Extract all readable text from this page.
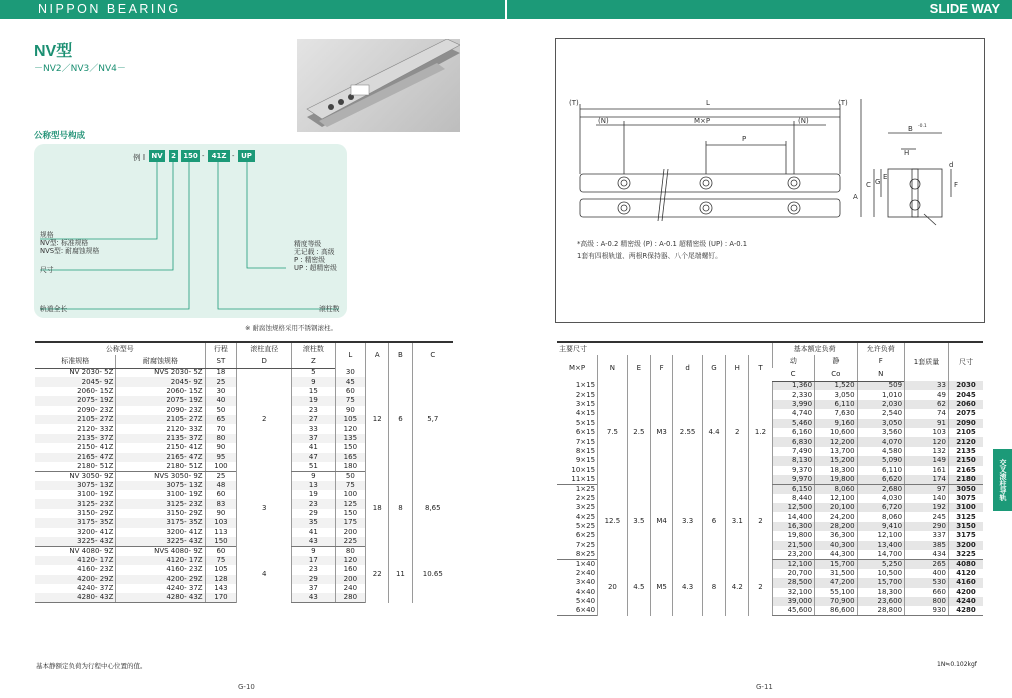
NIPPON BEARING	SLIDE WAY
NV型
－NV2／NV3／NV4－
公称型号构成
例 I NV	2	150 -	41Z - UP
规格
NV型: 标准规格
NVS型: 耐腐蚀规格
尺寸
轨道全长
精度等级
无记载 : 高级
P : 精密级
UP : 超精密级
滚柱数
※ 耐腐蚀规格采用不锈钢滚柱。
公称型号		行程	滚柱直径	滚柱数	L	A	B	C
标准规格	耐腐蚀规格	ST	D	Z				
NV 2030- 5Z	NVS 2030- 5Z	18	2	5	30	12	6	5,7
2045- 9Z	2045- 9Z	25		9	45			
2060- 15Z	2060- 15Z	30		15	60			
2075- 19Z	2075- 19Z	40		19	75			
2090- 23Z	2090- 23Z	50		23	90			
2105- 27Z	2105- 27Z	65		27	105			
2120- 33Z	2120- 33Z	70		33	120			
2135- 37Z	2135- 37Z	80		37	135			
2150- 41Z	2150- 41Z	90		41	150			
2165- 47Z	2165- 47Z	95		47	165			
2180- 51Z	2180- 51Z	100		51	180			
NV 3050- 9Z	NVS 3050- 9Z	25	3	9	50	18	8	8,65
3075- 13Z	3075- 13Z	48		13	75			
3100- 19Z	3100- 19Z	60		19	100			
3125- 23Z	3125- 23Z	83		23	125			
3150- 29Z	3150- 29Z	90		29	150			
3175- 35Z	3175- 35Z	103		35	175			
3200- 41Z	3200- 41Z	113		41	200			
3225- 43Z	3225- 43Z	150		43	225			
NV 4080- 9Z	NVS 4080- 9Z	60	4	9	80	22	11	10.65
4120- 17Z	4120- 17Z	75		17	120			
4160- 23Z	4160- 23Z	105		23	160			
4200- 29Z	4200- 29Z	128		29	200			
4240- 37Z	4240- 37Z	143		37	240			
4280- 43Z	4280- 43Z	170		43	280			
基本静额定负荷为行程中心位置的值。
G-10
(T)	(T)
L
(N)	(N)
M×P
P
B -0.1
H
C G
E
d
F
A
*高级 : A-0.2 精密级 (P) : A-0.1 超精密级 (UP) : A-0.1
1套有四根轨道、两根R保持器、八个尾端螺钉。
主要尺寸								基本额定负荷		允许负荷	1套质量	尺寸
M×P	N	E	F	d	G	H	T	动	静	F		
								C	Co	N		
1×15	7.5	2.5	M3	2.55	4.4	2	1.2	1,360	1,520	509	33	2030
2×15								2,330	3,050	1,010	49	2045
3×15								3,990	6,110	2,030	62	2060
4×15								4,740	7,630	2,540	74	2075
5×15								5,460	9,160	3,050	91	2090
6×15								6,160	10,600	3,560	103	2105
7×15								6,830	12,200	4,070	120	2120
8×15								7,490	13,700	4,580	132	2135
9×15								8,130	15,200	5,090	149	2150
10×15								9,370	18,300	6,110	161	2165
11×15								9,970	19,800	6,620	174	2180
1×25	12.5	3.5	M4	3.3	6	3.1	2	6,150	8,060	2,680	97	3050
2×25								8,440	12,100	4,030	140	3075
3×25								12,500	20,100	6,720	192	3100
4×25								14,400	24,200	8,060	245	3125
5×25								16,300	28,200	9,410	290	3150
6×25								19,800	36,300	12,100	337	3175
7×25								21,500	40,300	13,400	385	3200
8×25								23,200	44,300	14,700	434	3225
1×40	20	4.5	M5	4.3	8	4.2	2	12,100	15,700	5,250	265	4080
2×40								20,700	31,500	10,500	400	4120
3×40								28,500	47,200	15,700	530	4160
4×40								32,100	55,100	18,300	660	4200
5×40								39,000	70,900	23,600	800	4240
6×40								45,600	86,600	28,800	930	4280
1N≒0.102kgf
G-11
交叉滚柱导轨
